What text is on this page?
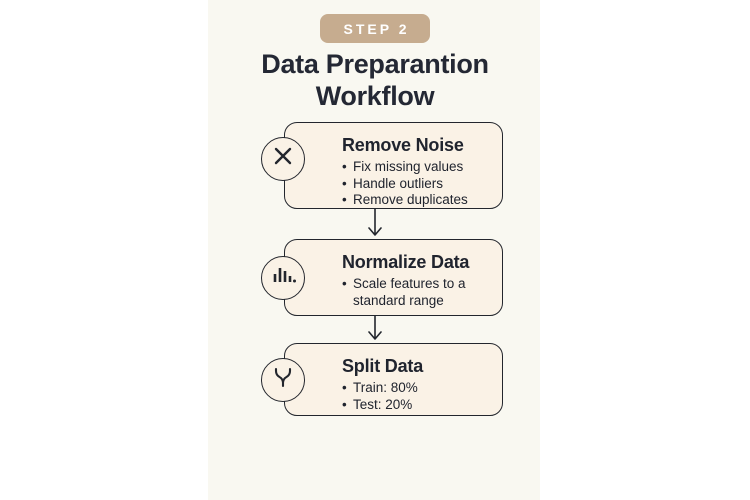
STEP 2
Data Preparantion
Workflow
Remove Noise
• Fix missing values
• Handle outliers
• Remove duplicates
Normalize Data
• Scale features to a standard range
Split Data
• Train: 80%
• Test: 20%
